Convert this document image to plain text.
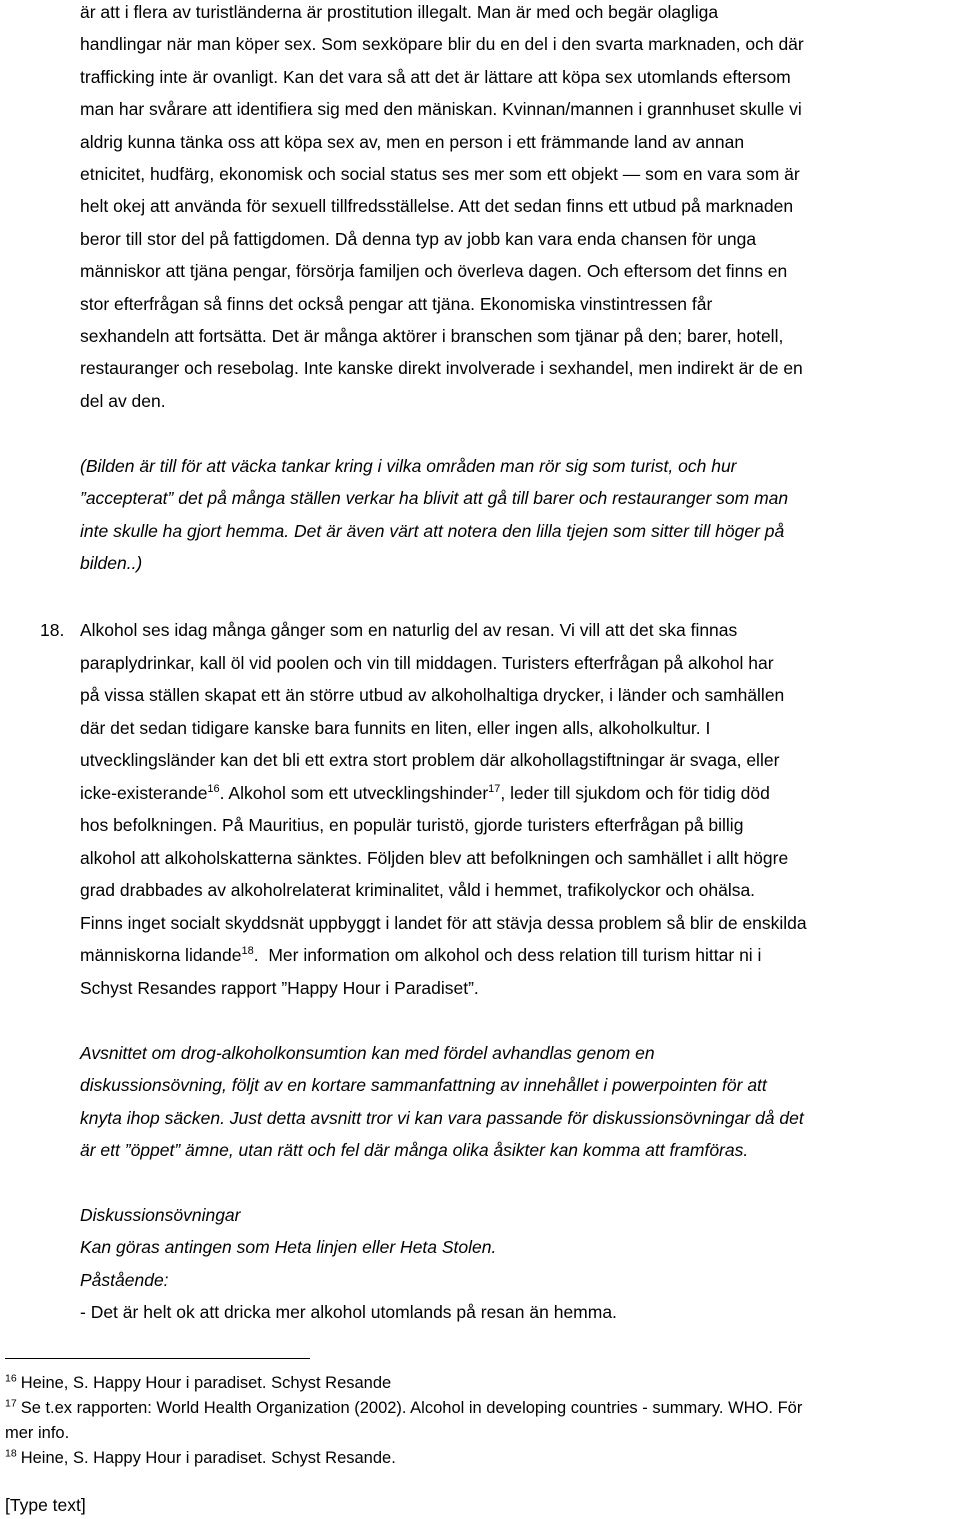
är att i flera av turistländerna är prostitution illegalt. Man är med och begär olagliga
handlingar när man köper sex. Som sexköpare blir du en del i den svarta marknaden, och där
trafficking inte är ovanligt. Kan det vara så att det är lättare att köpa sex utomlands eftersom
man har svårare att identifiera sig med den mäniskan. Kvinnan/mannen i grannhuset skulle vi
aldrig kunna tänka oss att köpa sex av, men en person i ett främmande land av annan
etnicitet, hudfärg, ekonomisk och social status ses mer som ett objekt — som en vara som är
helt okej att använda för sexuell tillfredsställelse. Att det sedan finns ett utbud på marknaden
beror till stor del på fattigdomen. Då denna typ av jobb kan vara enda chansen för unga
människor att tjäna pengar, försörja familjen och överleva dagen. Och eftersom det finns en
stor efterfrågan så finns det också pengar att tjäna. Ekonomiska vinstintressen får
sexhandeln att fortsätta. Det är många aktörer i branschen som tjänar på den; barer, hotell,
restauranger och resebolag. Inte kanske direkt involverade i sexhandel, men indirekt är de en
del av den.
(Bilden är till för att väcka tankar kring i vilka områden man rör sig som turist, och hur
”accepterat” det på många ställen verkar ha blivit att gå till barer och restauranger som man
inte skulle ha gjort hemma. Det är även värt att notera den lilla tjejen som sitter till höger på
bilden..)
18. Alkohol ses idag många gånger som en naturlig del av resan. Vi vill att det ska finnas
paraplydrinkar, kall öl vid poolen och vin till middagen. Turisters efterfrågan på alkohol har
på vissa ställen skapat ett än större utbud av alkoholhaltiga drycker, i länder och samhällen
där det sedan tidigare kanske bara funnits en liten, eller ingen alls, alkoholkultur. I
utvecklingsländer kan det bli ett extra stort problem där alkohollagstiftningar är svaga, eller
icke-existerande$^{16}$. Alkohol som ett utvecklingshinder$^{17}$, leder till sjukdom och för tidig död
hos befolkningen. På Mauritius, en populär turistö, gjorde turisters efterfrågan på billig
alkohol att alkoholskatterna sänktes. Följden blev att befolkningen och samhället i allt högre
grad drabbades av alkoholrelaterat kriminalitet, våld i hemmet, trafikolyckor och ohälsa.
Finns inget socialt skyddsnät uppbyggt i landet för att stävja dessa problem så blir de enskilda
människorna lidande$^{18}$.  Mer information om alkohol och dess relation till turism hittar ni i
Schyst Resandes rapport ”Happy Hour i Paradiset”.
Avsnittet om drog-alkoholkonsumtion kan med fördel avhandlas genom en
diskussionsövning, följt av en kortare sammanfattning av innehållet i powerpointen för att
knyta ihop säcken. Just detta avsnitt tror vi kan vara passande för diskussionsövningar då det
är ett ”öppet” ämne, utan rätt och fel där många olika åsikter kan komma att framföras.
Diskussionsövningar
Kan göras antingen som Heta linjen eller Heta Stolen.
Påstående:
- Det är helt ok att dricka mer alkohol utomlands på resan än hemma.
$^{16}$ Heine, S. Happy Hour i paradiset. Schyst Resande
$^{17}$ Se t.ex rapporten: World Health Organization (2002). Alcohol in developing countries - summary. WHO. För
mer info.
$^{18}$ Heine, S. Happy Hour i paradiset. Schyst Resande.
[Type text]
